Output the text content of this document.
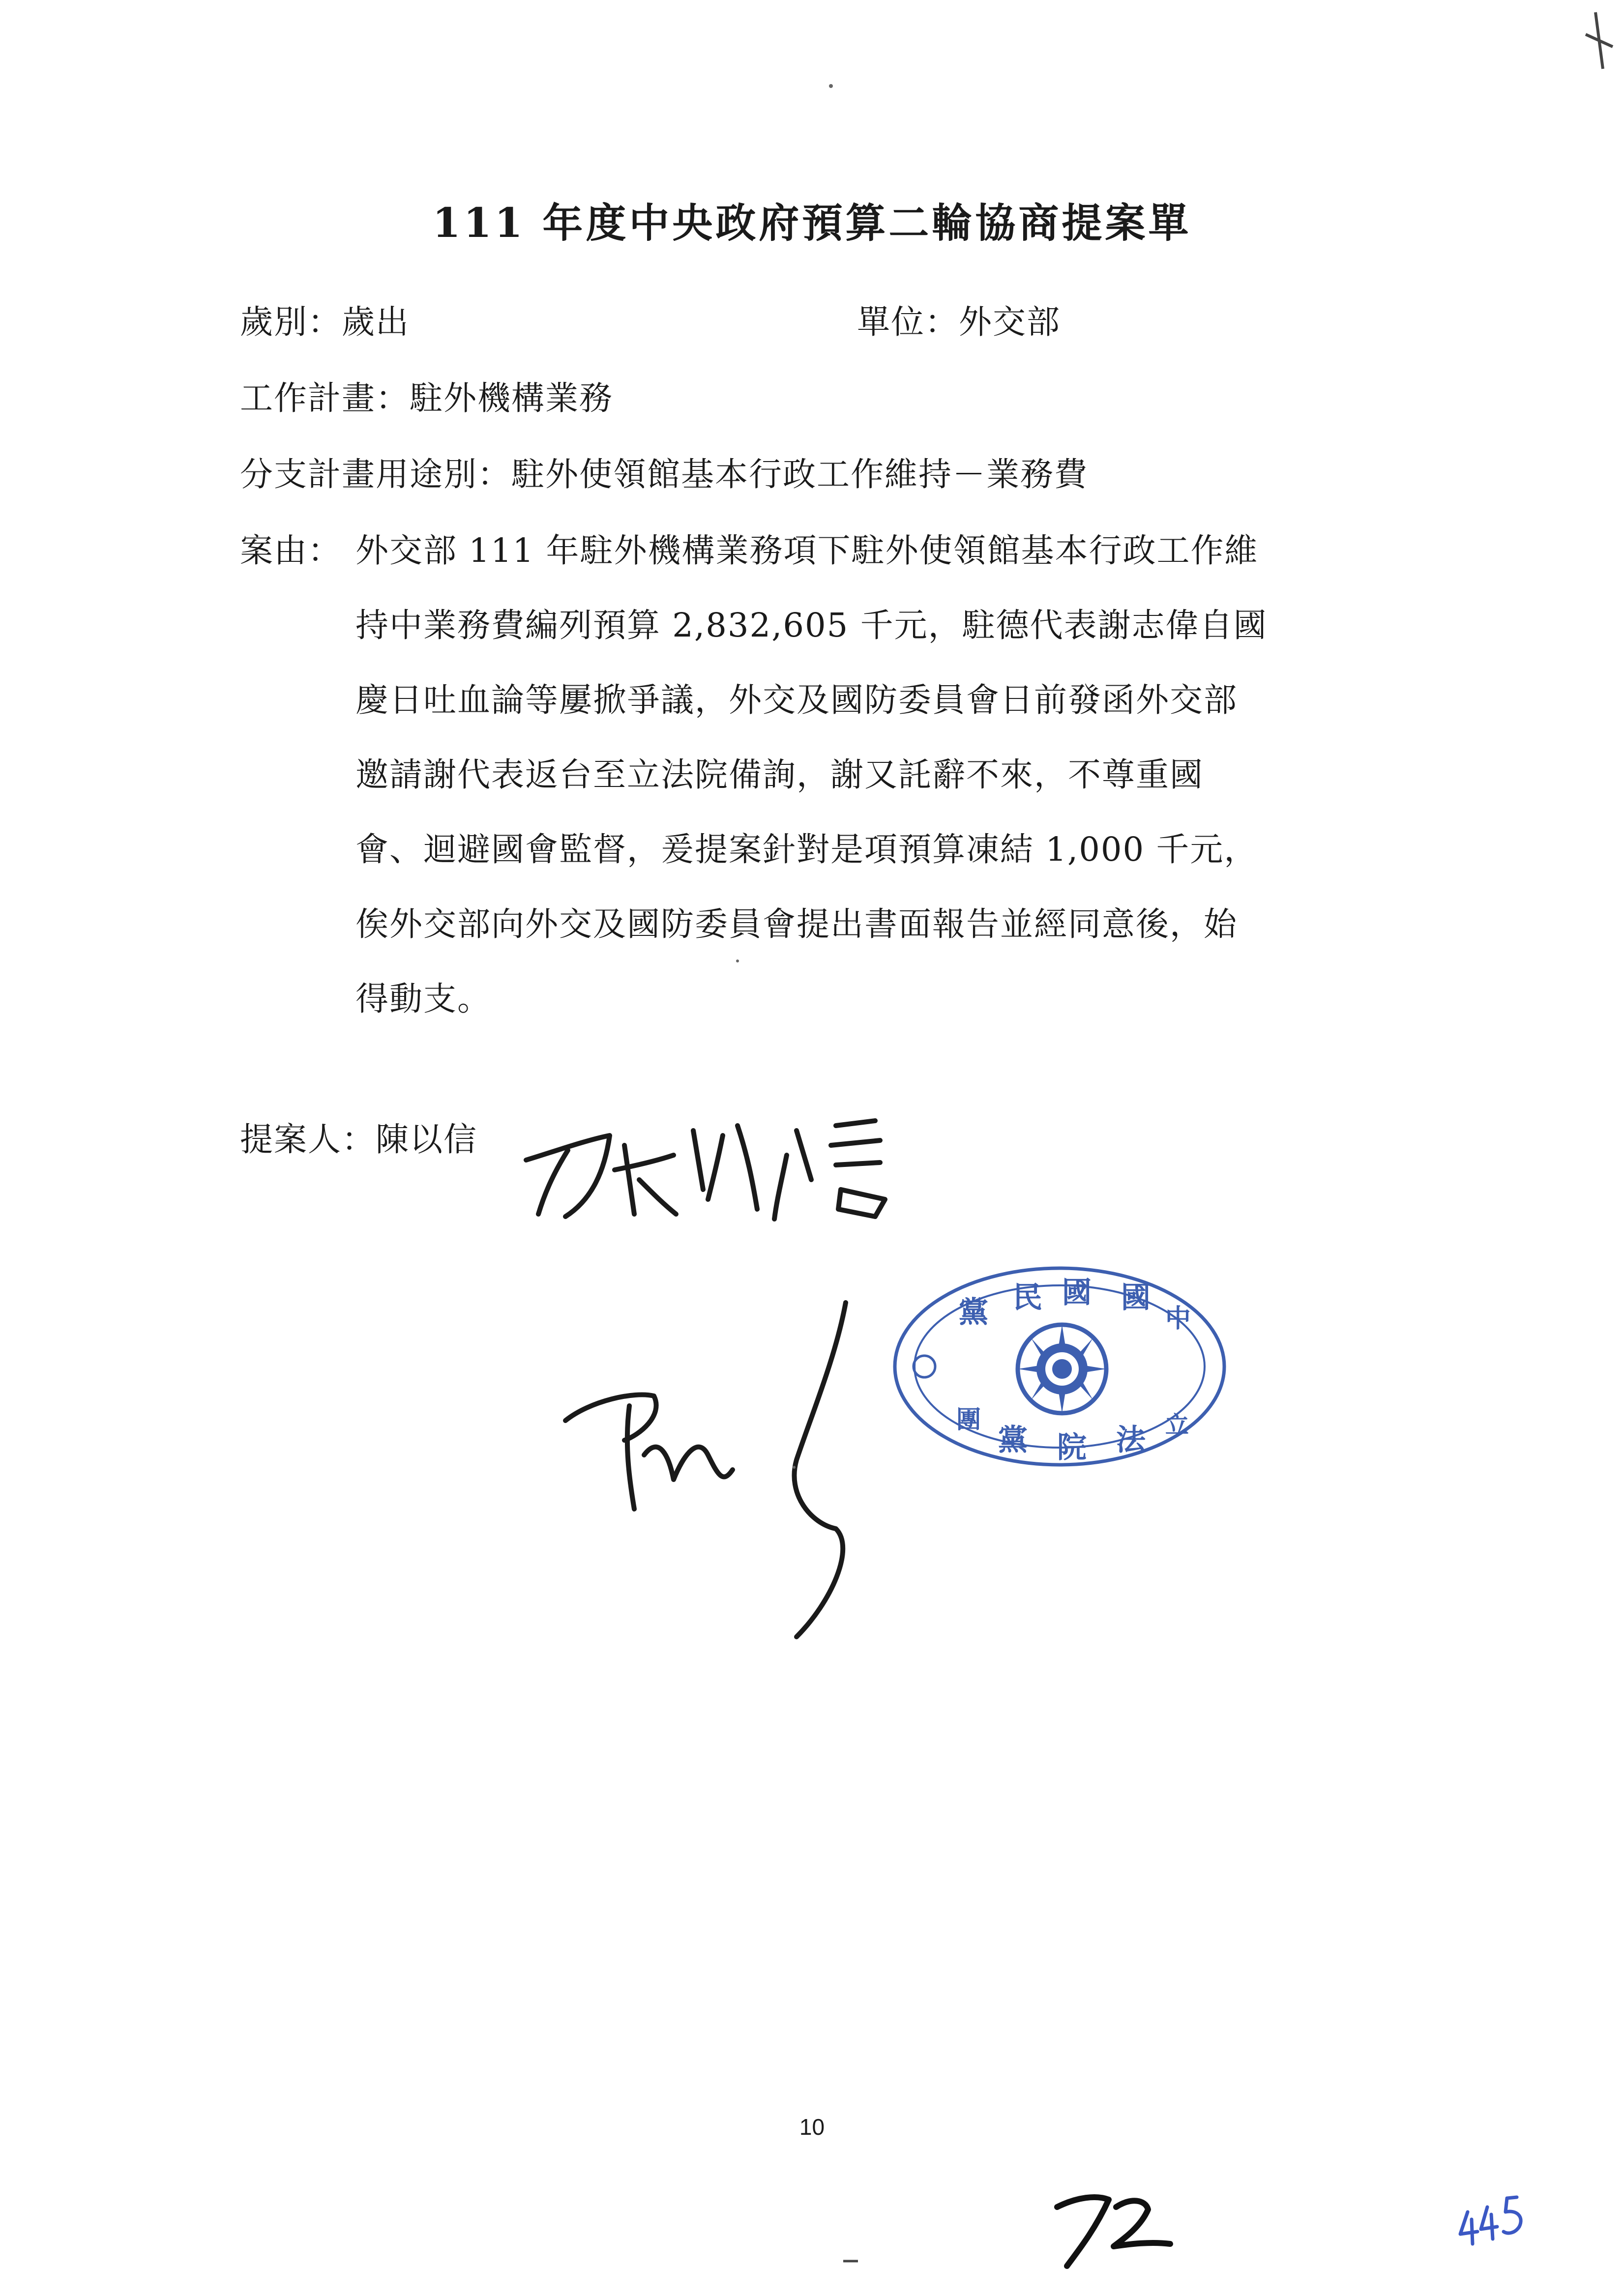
111 年度中央政府預算二輪協商提案單
歲別：歲出	單位：外交部
工作計畫：駐外機構業務
分支計畫用途別：駐外使領館基本行政工作維持－業務費
案由： 外交部 111 年駐外機構業務項下駐外使領館基本行政工作維
持中業務費編列預算 2,832,605 千元，駐德代表謝志偉自國
慶日吐血論等屢掀爭議，外交及國防委員會日前發函外交部
邀請謝代表返台至立法院備詢，謝又託辭不來，不尊重國
會、迴避國會監督，爰提案針對是項預算凍結 1,000 千元，
俟外交部向外交及國防委員會提出書面報告並經同意後，始
得動支。
提案人：陳以信
黨 民 國 國
中
團
黨 院 法 立
10
